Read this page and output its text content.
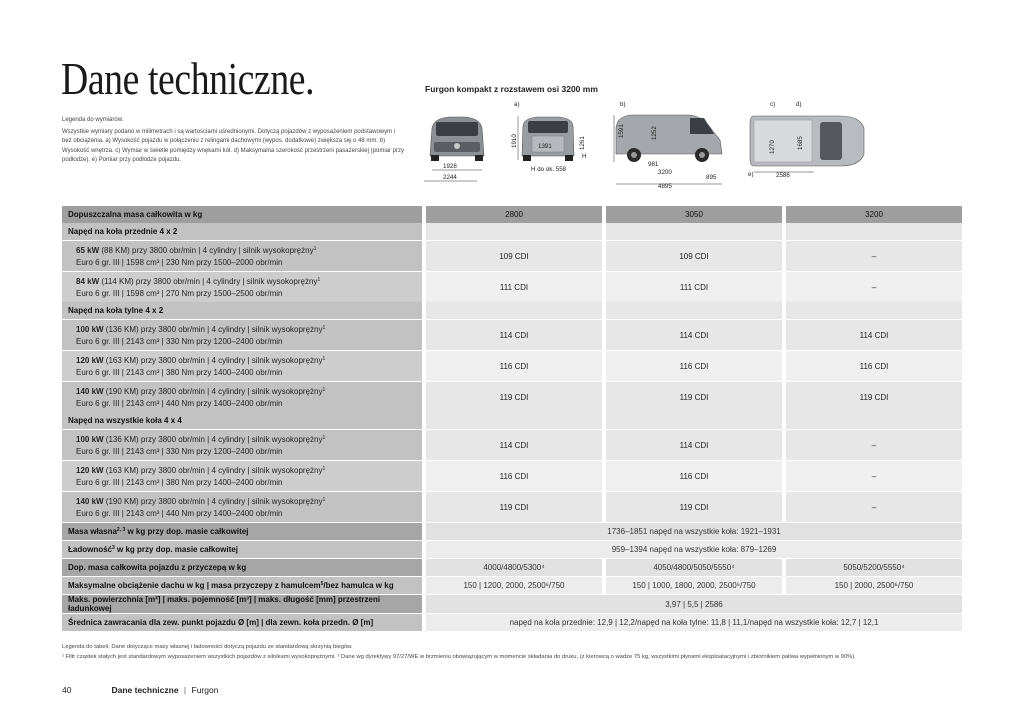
Dane techniczne.
Legenda do wymiarów:
Wszystkie wymiary podano w milimetrach i są wartościami uśrednionymi. Dotyczą pojazdów z wyposażeniem podstawowym i bez obciążenia. a) Wysokość pojazdu w połączeniu z relingami dachowymi (wypos. dodatkowe) zwiększa się o 48 mm. b) Wysokość wnętrza. c) Wymiar w świetle pomiędzy wnękami kół. d) Maksymalna szerokość przestrzeni pasażerskiej (pomiar przy podłodze). e) Pomiar przy podłodze pojazdu.
Furgon kompakt z rozstawem osi 3200 mm
1928
2244
a)
1910	1391	1261
H
H do ok. 558
b)
1591	1252
961
3200
895
4895
c)	d)
e)
1270	1685
2586
Dopuszczalna masa całkowita w kg	2800	3050	3200
Napęd na koła przednie 4 x 2			

65 kW (88 KM) przy 3800 obr/min | 4 cylindry | silnik wysokoprężny$^1$
Euro 6 gr. III | 1598 cm³ | 230 Nm przy 1500–2000 obr/min	109 CDI	109 CDI	–

84 kW (114 KM) przy 3800 obr/min | 4 cylindry | silnik wysokoprężny$^1$
Euro 6 gr. III | 1598 cm³ | 270 Nm przy 1500–2500 obr/min	111 CDI	111 CDI	–
Napęd na koła tylne 4 x 2			

100 kW (136 KM) przy 3800 obr/min | 4 cylindry | silnik wysokoprężny$^1$
Euro 6 gr. III | 2143 cm³ | 330 Nm przy 1200–2400 obr/min	114 CDI	114 CDI	114 CDI

120 kW (163 KM) przy 3800 obr/min | 4 cylindry | silnik wysokoprężny$^1$
Euro 6 gr. III | 2143 cm³ | 380 Nm przy 1400–2400 obr/min	116 CDI	116 CDI	116 CDI

140 kW (190 KM) przy 3800 obr/min | 4 cylindry | silnik wysokoprężny$^1$
Euro 6 gr. III | 2143 cm³ | 440 Nm przy 1400–2400 obr/min	119 CDI	119 CDI	119 CDI
Napęd na wszystkie koła 4 x 4			

100 kW (136 KM) przy 3800 obr/min | 4 cylindry | silnik wysokoprężny$^1$
Euro 6 gr. III | 2143 cm³ | 330 Nm przy 1200–2400 obr/min	114 CDI	114 CDI	–

120 kW (163 KM) przy 3800 obr/min | 4 cylindry | silnik wysokoprężny$^1$
Euro 6 gr. III | 2143 cm³ | 380 Nm przy 1400–2400 obr/min	116 CDI	116 CDI	–

140 kW (190 KM) przy 3800 obr/min | 4 cylindry | silnik wysokoprężny$^1$
Euro 6 gr. III | 2143 cm³ | 440 Nm przy 1400–2400 obr/min	119 CDI	119 CDI	–
Masa własna$^{2, 3}$ w kg przy dop. masie całkowitej	1736–1851 napęd na wszystkie koła: 1921–1931		
Ładowność$^3$ w kg przy dop. masie całkowitej	959–1394 napęd na wszystkie koła: 879–1269		
Dop. masa całkowita pojazdu z przyczepą w kg	4000/4800/5300⁴	4050/4800/5050/5550⁴	5050/5200/5550⁴
Maksymalne obciążenie dachu w kg | masa przyczepy z hamulcem$^5$/bez hamulca w kg	150 | 1200, 2000, 2500⁶/750	150 | 1000, 1800, 2000, 2500⁶/750	150 | 2000, 2500⁶/750
Maks. powierzchnia [m²] | maks. pojemność [m³] | maks. długość [mm] przestrzeni ładunkowej	3,97 | 5,5 | 2586		
Średnica zawracania dla zew. punkt pojazdu Ø [m] | dla zewn. koła przedn. Ø [m]	napęd na koła przednie: 12,9 | 12,2/napęd na koła tylne: 11,8 | 11,1/napęd na wszystkie koła: 12,7 | 12,1		
Legenda do tabeli: Dane dotyczące masy własnej i ładowności dotyczą pojazdu ze standardową skrzynią biegów.
¹ Filtr cząstek stałych jest standardowym wyposażeniem wszystkich pojazdów z silnikami wysokoprężnymi. ² Dane wg dyrektywy 97/27/WE w brzmieniu obowiązującym w momencie składania do druku, (z kierowcą o wadze 75 kg, wszystkimi płynami eksploatacyjnymi i zbiornikiem paliwa wypełnionym w 90%).
40	Dane techniczne | Furgon
